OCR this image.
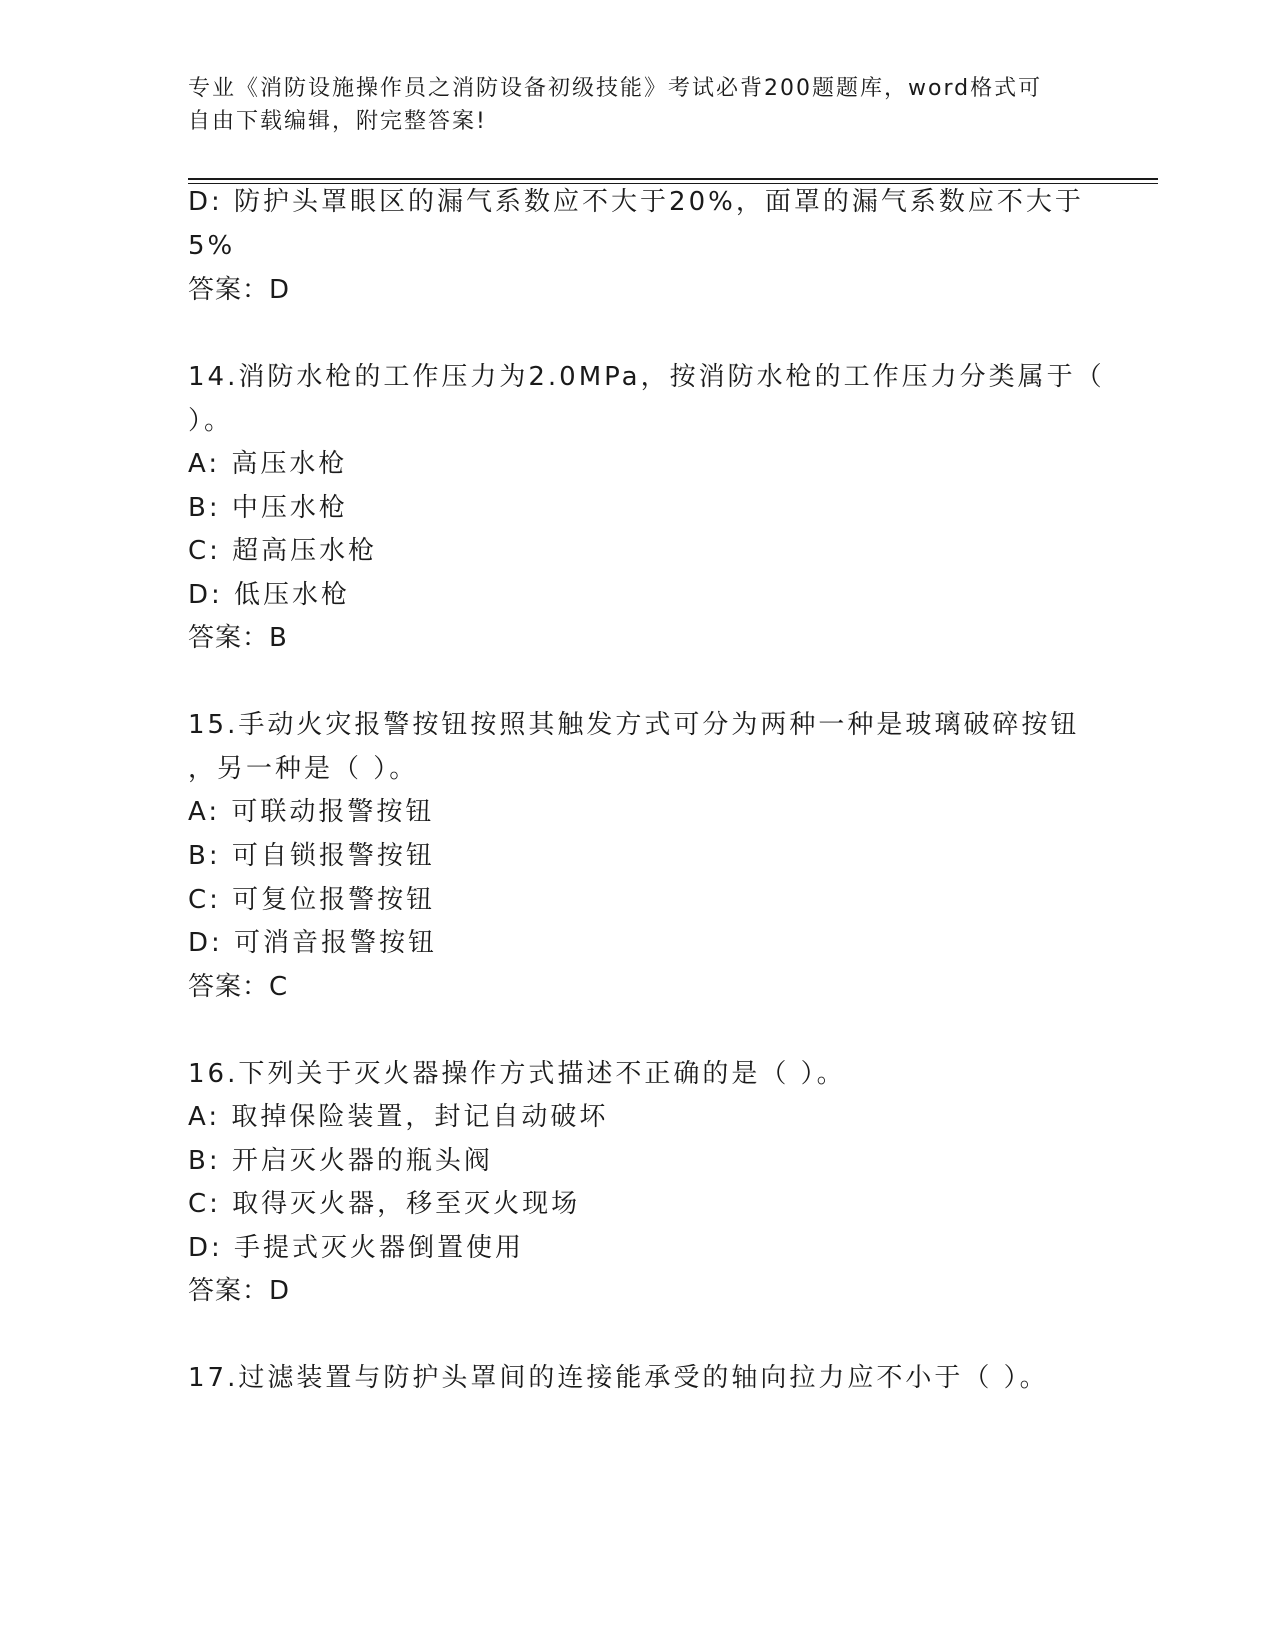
专业《消防设施操作员之消防设备初级技能》考试必背200题题库，word格式可
自由下载编辑，附完整答案!
D: 防护头罩眼区的漏气系数应不大于20%，面罩的漏气系数应不大于
5%
答案：D
14.消防水枪的工作压力为2.0MPa，按消防水枪的工作压力分类属于（
）。
A: 高压水枪
B: 中压水枪
C: 超高压水枪
D: 低压水枪
答案：B
15.手动火灾报警按钮按照其触发方式可分为两种一种是玻璃破碎按钮
，另一种是（ ）。
A: 可联动报警按钮
B: 可自锁报警按钮
C: 可复位报警按钮
D: 可消音报警按钮
答案：C
16.下列关于灭火器操作方式描述不正确的是（ ）。
A: 取掉保险装置，封记自动破坏
B: 开启灭火器的瓶头阀
C: 取得灭火器，移至灭火现场
D: 手提式灭火器倒置使用
答案：D
17.过滤装置与防护头罩间的连接能承受的轴向拉力应不小于（ ）。
